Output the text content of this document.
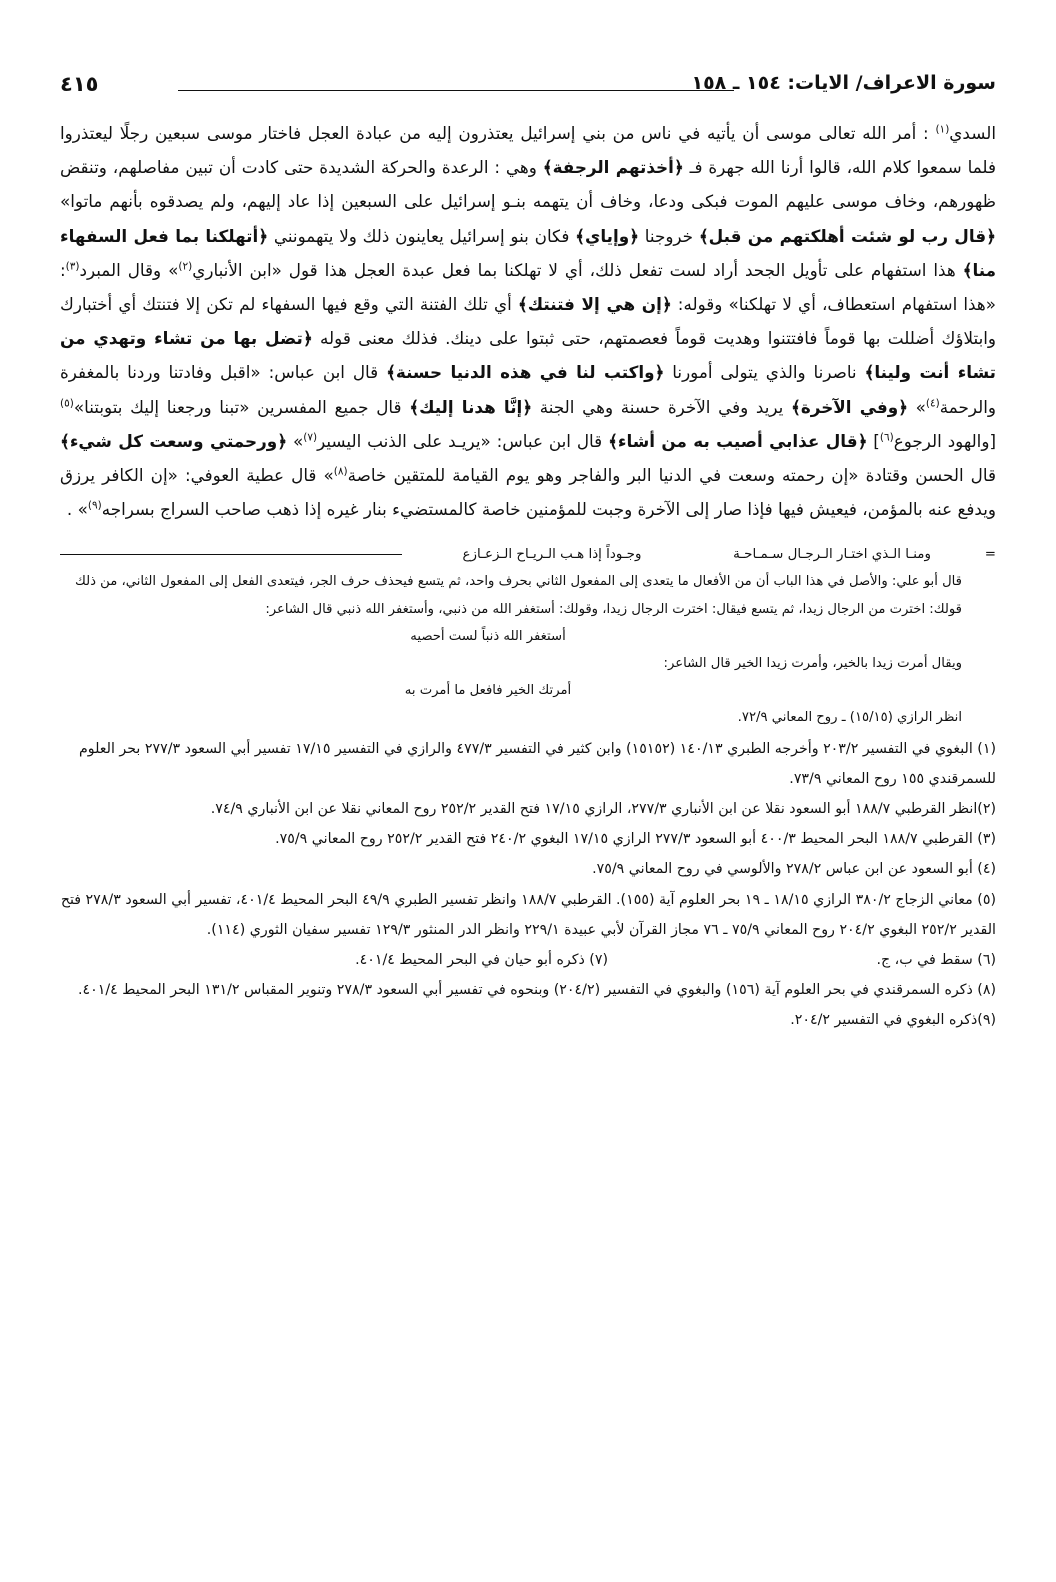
سورة الاعراف/ الايات: ١٥٤ ـ ١٥٨
٤١٥
السدي$^{(١)}$ : أمر الله تعالى موسى أن يأتيه في ناس من بني إسرائيل يعتذرون إليه من عبادة العجل فاختار موسى سبعين رجلًا ليعتذروا فلما سمعوا كلام الله، قالوا أرنا الله جهرة فـ ﴿أخذتهم الرجفة﴾ وهي : الرعدة والحركة الشديدة حتى كادت أن تبين مفاصلهم، وتنقض ظهورهم، وخاف موسى عليهم الموت فبكى ودعا، وخاف أن يتهمه بنـو إسرائيل على السبعين إذا عاد إليهم، ولم يصدقوه بأنهم ماتوا» ﴿قال رب لو شئت أهلكتهم من قبل﴾ خروجنا ﴿وإياي﴾ فكان بنو إسرائيل يعاينون ذلك ولا يتهمونني ﴿أتهلكنا بما فعل السفهاء منا﴾ هذا استفهام على تأويل الجحد أراد لست تفعل ذلك، أي لا تهلكنا بما فعل عبدة العجل هذا قول «ابن الأنباري$^{(٢)}$» وقال المبرد$^{(٣)}$: «هذا استفهام استعطاف، أي لا تهلكنا» وقوله: ﴿إن هي إلا فتنتك﴾ أي تلك الفتنة التي وقع فيها السفهاء لم تكن إلا فتنتك أي أختبارك وابتلاؤك أضللت بها قوماً فافتتنوا وهديت قوماً فعصمتهم، حتى ثبتوا على دينك. فذلك معنى قوله ﴿تضل بها من تشاء وتهدي من تشاء أنت ولينا﴾ ناصرنا والذي يتولى أمورنا ﴿واكتب لنا في هذه الدنيا حسنة﴾ قال ابن عباس: «اقبل وفادتنا وردنا بالمغفرة والرحمة$^{(٤)}$» ﴿وفي الآخرة﴾ يريد وفي الآخرة حسنة وهي الجنة ﴿إنَّا هدنا إليك﴾ قال جميع المفسرين «تبنا ورجعنا إليك بتوبتنا»$^{(٥)}$ [والهود الرجوع$^{(٦)}$] ﴿قال عذابي أصيب به من أشاء﴾ قال ابن عباس: «يريـد على الذنب اليسير$^{(٧)}$» ﴿ورحمتي وسعت كل شيء﴾ قال الحسن وقتادة «إن رحمته وسعت في الدنيا البر والفاجر وهو يوم القيامة للمتقين خاصة$^{(٨)}$» قال عطية العوفي: «إن الكافر يرزق ويدفع عنه بالمؤمن، فيعيش فيها فإذا صار إلى الآخرة وجبت للمؤمنين خاصة كالمستضيء بنار غيره إذا ذهب صاحب السراج بسراجه$^{(٩)}$» .
=
ومنـا الـذي اختـار الـرجـال سـمـاحـة
وجـوداً إذا هـب الـريـاح الـزعـازع

قال أبو علي: والأصل في هذا الباب أن من الأفعال ما يتعدى إلى المفعول الثاني بحرف واحد، ثم يتسع فيحذف حرف الجر، فيتعدى الفعل إلى المفعول الثاني، من ذلك قولك: اخترت من الرجال زيدا، ثم يتسع فيقال: اخترت الرجال زيدا، وقولك: أستغفر الله من ذنبي، وأستغفر الله ذنبي قال الشاعر:

أستغفر الله ذنباً لست أحصيه

ويقال أمرت زيدا بالخير، وأمرت زيدا الخير قال الشاعر:

أمرتك الخير فافعل ما أمرت به

انظر الرازي (١٥/١٥) ـ روح المعاني ٧٢/٩.

(١) البغوي في التفسير ٢٠٣/٢ وأخرجه الطبري ١٤٠/١٣ (١٥١٥٢) وابن كثير في التفسير ٤٧٧/٣ والرازي في التفسير ١٧/١٥ تفسير أبي السعود ٢٧٧/٣ بحر العلوم للسمرقندي ١٥٥ روح المعاني ٧٣/٩.

(٢)انظر القرطبي ١٨٨/٧ أبو السعود نقلا عن ابن الأنباري ٢٧٧/٣، الرازي ١٧/١٥ فتح القدير ٢٥٢/٢ روح المعاني نقلا عن ابن الأنباري ٧٤/٩.

(٣) القرطبي ١٨٨/٧ البحر المحيط ٤٠٠/٣ أبو السعود ٢٧٧/٣ الرازي ١٧/١٥ البغوي ٢٤٠/٢ فتح القدير ٢٥٢/٢ روح المعاني ٧٥/٩.

(٤) أبو السعود عن ابن عباس ٢٧٨/٢ والألوسي في روح المعاني ٧٥/٩.

(٥) معاني الزجاج ٣٨٠/٢ الرازي ١٨/١٥ ـ ١٩ بحر العلوم آية (١٥٥). القرطبي ١٨٨/٧ وانظر تفسير الطبري ٤٩/٩ البحر المحيط ٤٠١/٤، تفسير أبي السعود ٢٧٨/٣ فتح القدير ٢٥٢/٢ البغوي ٢٠٤/٢ روح المعاني ٧٥/٩ ـ ٧٦ مجاز القرآن لأبي عبيدة ٢٢٩/١ وانظر الدر المنثور ١٢٩/٣ تفسير سفيان الثوري (١١٤).

(٦) سقط في ب، ج.
(٧) ذكره أبو حيان في البحر المحيط ٤٠١/٤.

(٨) ذكره السمرقندي في بحر العلوم آية (١٥٦) والبغوي في التفسير (٢٠٤/٢) وبنحوه في تفسير أبي السعود ٢٧٨/٣ وتنوير المقباس ١٣١/٢ البحر المحيط ٤٠١/٤.

(٩)ذكره البغوي في التفسير ٢٠٤/٢.
